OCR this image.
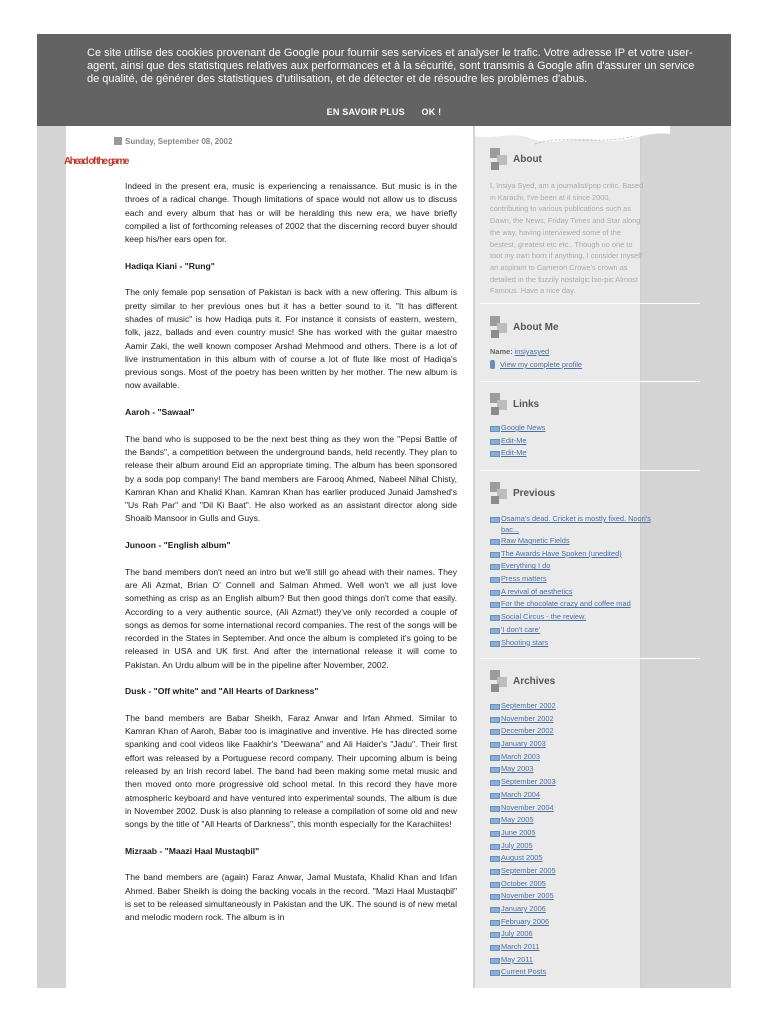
Ce site utilise des cookies provenant de Google pour fournir ses services et analyser le trafic. Votre adresse IP et votre user-agent, ainsi que des statistiques relatives aux performances et à la sécurité, sont transmis à Google afin d'assurer un service de qualité, de générer des statistiques d'utilisation, et de détecter et de résoudre les problèmes d'abus.
EN SAVOIR PLUS OK !
Sunday, September 08, 2002
Ahead of the game

Indeed in the present era, music is experiencing a renaissance. But music is in the throes of a radical change. Though limitations of space would not allow us to discuss each and every album that has or will be heralding this new era, we have briefly compiled a list of forthcoming releases of 2002 that the discerning record buyer should keep his/her ears open for.

Hadiqa Kiani - "Rung"

The only female pop sensation of Pakistan is back with a new offering. This album is pretty similar to her previous ones but it has a better sound to it. "It has different shades of music" is how Hadiqa puts it. For instance it consists of eastern, western, folk, jazz, ballads and even country music! She has worked with the guitar maestro Aamir Zaki, the well known composer Arshad Mehmood and others. There is a lot of live instrumentation in this album with of course a lot of flute like most of Hadiqa's previous songs. Most of the poetry has been written by her mother. The new album is now available.

Aaroh - "Sawaal"

The band who is supposed to be the next best thing as they won the "Pepsi Battle of the Bands", a competition between the underground bands, held recently. They plan to release their album around Eid an appropriate timing. The album has been sponsored by a soda pop company! The band members are Farooq Ahmed, Nabeel Nihal Chisty, Kamran Khan and Khalid Khan. Kamran Khan has earlier produced Junaid Jamshed's "Us Rah Par" and "Dil Ki Baat". He also worked as an assistant director along side Shoaib Mansoor in Gulls and Guys.

Junoon - "English album"

The band members don't need an intro but we'll still go ahead with their names. They are Ali Azmat, Brian O' Connell and Salman Ahmed. Well won't we all just love something as crisp as an English album? But then good things don't come that easily. According to a very authentic source, (Ali Azmat!) they've only recorded a couple of songs as demos for some international record companies. The rest of the songs will be recorded in the States in September. And once the album is completed it's going to be released in USA and UK first. And after the international release it will come to Pakistan. An Urdu album will be in the pipeline after November, 2002.

Dusk - "Off white" and "All Hearts of Darkness"

The band members are Babar Sheikh, Faraz Anwar and Irfan Ahmed. Similar to Kamran Khan of Aaroh, Babar too is imaginative and inventive. He has directed some spanking and cool videos like Faakhir's "Deewana" and Ali Haider's "Jadu". Their first effort was released by a Portuguese record company. Their upcoming album is being released by an Irish record label. The band had been making some metal music and then moved onto more progressive old school metal. In this record they have more atmospheric keyboard and have ventured into experimental sounds. The album is due in November 2002. Dusk is also planning to release a compilation of some old and new songs by the title of "All Hearts of Darkness", this month especially for the Karachiites!

Mizraab - "Maazi Haal Mustaqbil"

The band members are (again) Faraz Anwar, Jamal Mustafa, Khalid Khan and Irfan Ahmed. Baber Sheikh is doing the backing vocals in the record. "Mazi Haal Mustaqbil" is set to be released simultaneously in Pakistan and the UK. The sound is of new metal and melodic modern rock. The album is in

About
I, Insiya Syed, am a journalist/pop critic. Based in Karachi, I've been at it since 2000, contributing to various publications such as Dawn, the News, Friday Times and Star along the way, having interviewed some of the bestest, greatest etc etc.. Though no one to toot my own horn if anything, I consider myself an aspirant to Cameron Crowe's crown as detailed in the fuzzily nostalgic bio-pic Almost Famous. Have a nice day.
About Me
Name: insiyasyed
View my complete profile
Links
Google News
Edit-Me
Edit-Me
Previous
Osama's dead. Cricket is mostly fixed. Noori's bac...
Raw Magnetic Fields
The Awards Have Spoken (unedited)
Everything I do
Press matters
A revival of aesthetics
For the chocolate crazy and coffee mad
Social Circus - the review.
'I don't care'
Shooting stars
Archives
September 2002
November 2002
December 2002
January 2003
March 2003
May 2003
September 2003
March 2004
November 2004
May 2005
June 2005
July 2005
August 2005
September 2005
October 2005
November 2005
January 2006
February 2006
July 2006
March 2011
May 2011
Current Posts
